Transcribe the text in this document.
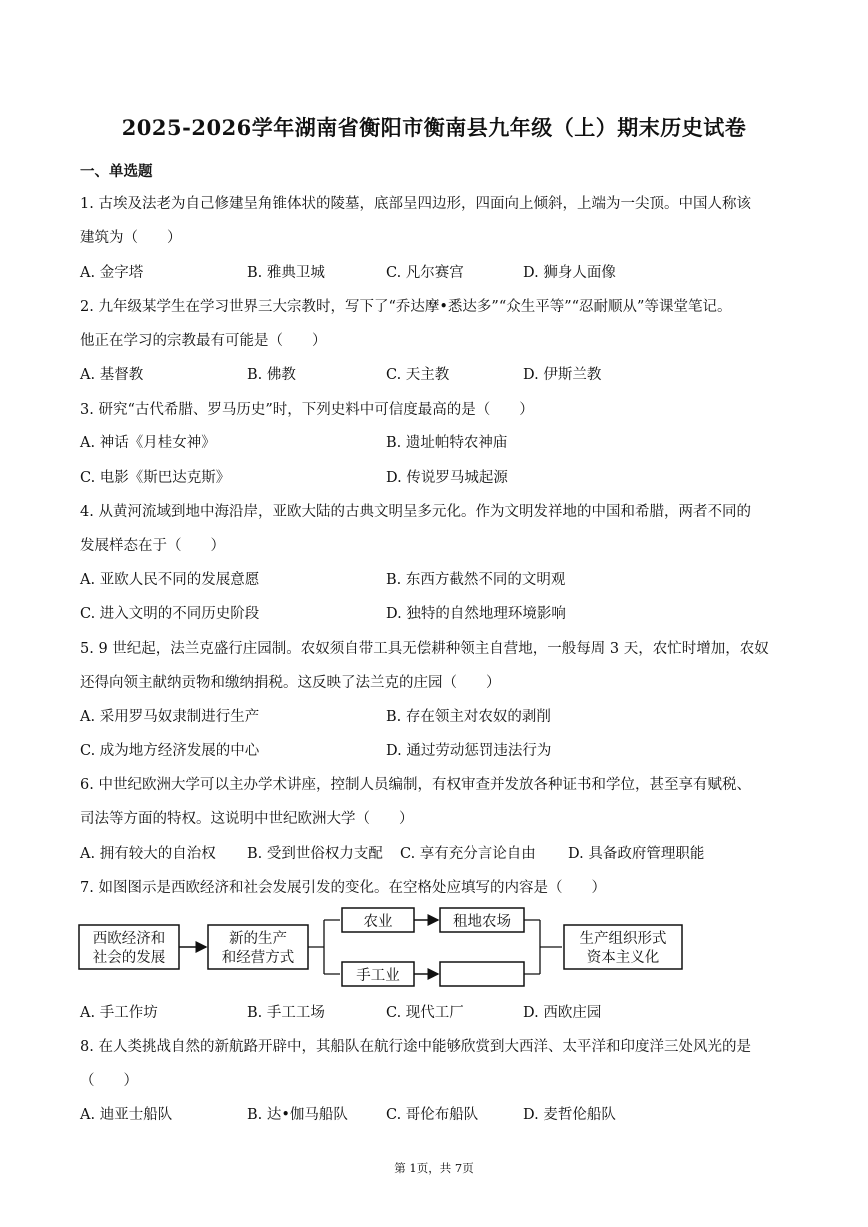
2025-2026学年湖南省衡阳市衡南县九年级（上）期末历史试卷
一、单选题
1. 古埃及法老为自己修建呈角锥体状的陵墓，底部呈四边形，四面向上倾斜，上端为一尖顶。中国人称该
建筑为（　　）
A. 金字塔	B. 雅典卫城	C. 凡尔赛宫	D. 狮身人面像
2. 九年级某学生在学习世界三大宗教时，写下了“乔达摩•悉达多”“众生平等”“忍耐顺从”等课堂笔记。
他正在学习的宗教最有可能是（　　）
A. 基督教	B. 佛教	C. 天主教	D. 伊斯兰教
3. 研究“古代希腊、罗马历史”时，下列史料中可信度最高的是（　　）
A. 神话《月桂女神》	B. 遗址帕特农神庙
C. 电影《斯巴达克斯》	D. 传说罗马城起源
4. 从黄河流域到地中海沿岸，亚欧大陆的古典文明呈多元化。作为文明发祥地的中国和希腊，两者不同的
发展样态在于（　　）
A. 亚欧人民不同的发展意愿	B. 东西方截然不同的文明观
C. 进入文明的不同历史阶段	D. 独特的自然地理环境影响
5. 9 世纪起，法兰克盛行庄园制。农奴须自带工具无偿耕种领主自营地，一般每周 3 天，农忙时增加，农奴
还得向领主献纳贡物和缴纳捐税。这反映了法兰克的庄园（　　）
A. 采用罗马奴隶制进行生产	B. 存在领主对农奴的剥削
C. 成为地方经济发展的中心	D. 通过劳动惩罚违法行为
6. 中世纪欧洲大学可以主办学术讲座，控制人员编制，有权审查并发放各种证书和学位，甚至享有赋税、
司法等方面的特权。这说明中世纪欧洲大学（　　）
A. 拥有较大的自治权 B. 受到世俗权力支配 C. 享有充分言论自由 D. 具备政府管理职能
7. 如图图示是西欧经济和社会发展引发的变化。在空格处应填写的内容是（　　）
西欧经济和
社会的发展
新的生产
和经营方式
农业	租地农场
手工业
生产组织形式
资本主义化
A. 手工作坊	B. 手工工场	C. 现代工厂	D. 西欧庄园
8. 在人类挑战自然的新航路开辟中，其船队在航行途中能够欣赏到大西洋、太平洋和印度洋三处风光的是
（　　）
A. 迪亚士船队	B. 达•伽马船队	C. 哥伦布船队	D. 麦哲伦船队
第 1页，共 7页
